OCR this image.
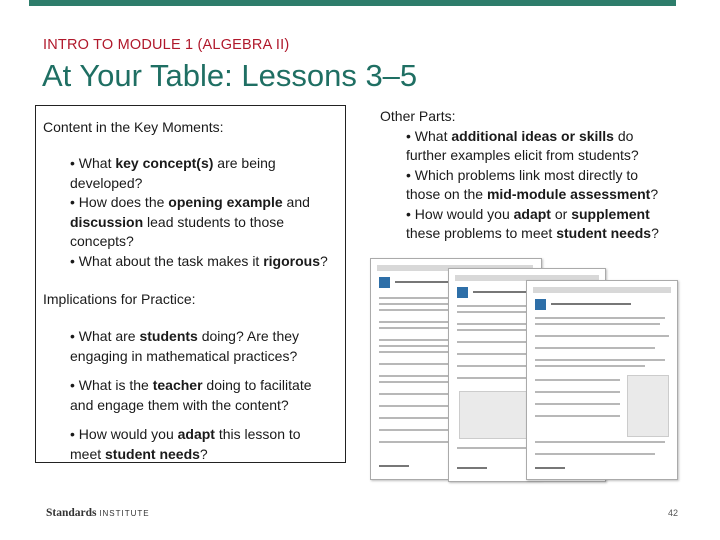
INTRO TO MODULE 1 (ALGEBRA II)
At Your Table: Lessons 3–5
Content in the Key Moments:
• What key concept(s) are being
developed?
• How does the opening example and
discussion lead students to those
concepts?
• What about the task makes it rigorous?
Implications for Practice:
• What are students doing? Are they
engaging in mathematical practices?
• What is the teacher doing to facilitate
and engage them with the content?
• How would you adapt this lesson to
meet student needs?
Other Parts:
• What additional ideas or skills do
further examples elicit from students?
• Which problems link most directly to
those on the mid-module assessment?
• How would you adapt or supplement
these problems to meet student needs?
Standards INSTITUTE	42
